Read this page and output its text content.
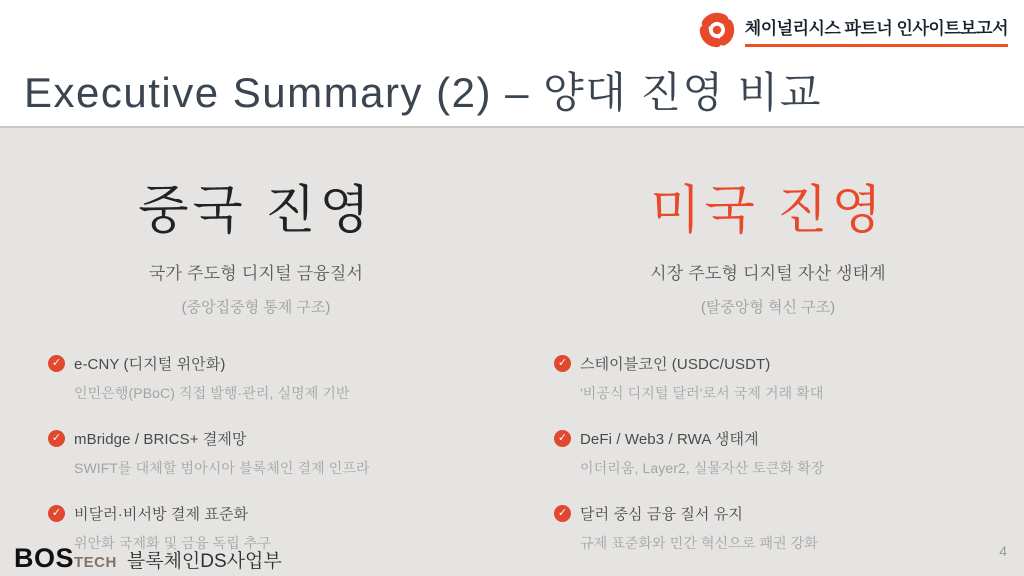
Executive Summary (2) – 양대 진영 비교
체이널리시스 파트너 인사이트보고서
중국 진영
국가 주도형 디지털 금융질서
(중앙집중형 통제 구조)
✓ e-CNY (디지털 위안화)
인민은행(PBoC) 직접 발행·관리, 실명제 기반
✓ mBridge / BRICS+ 결제망
SWIFT를 대체할 범아시아 블록체인 결제 인프라
✓ 비달러·비서방 결제 표준화
위안화 국제화 및 금융 독립 추구
미국 진영
시장 주도형 디지털 자산 생태계
(탈중앙형 혁신 구조)
✓ 스테이블코인 (USDC/USDT)
'비공식 디지털 달러'로서 국제 거래 확대
✓ DeFi / Web3 / RWA 생태계
이더리움, Layer2, 실물자산 토큰화 확장
✓ 달러 중심 금융 질서 유지
규제 표준화와 민간 혁신으로 패권 강화
BOS TECH 블록체인DS사업부	4
